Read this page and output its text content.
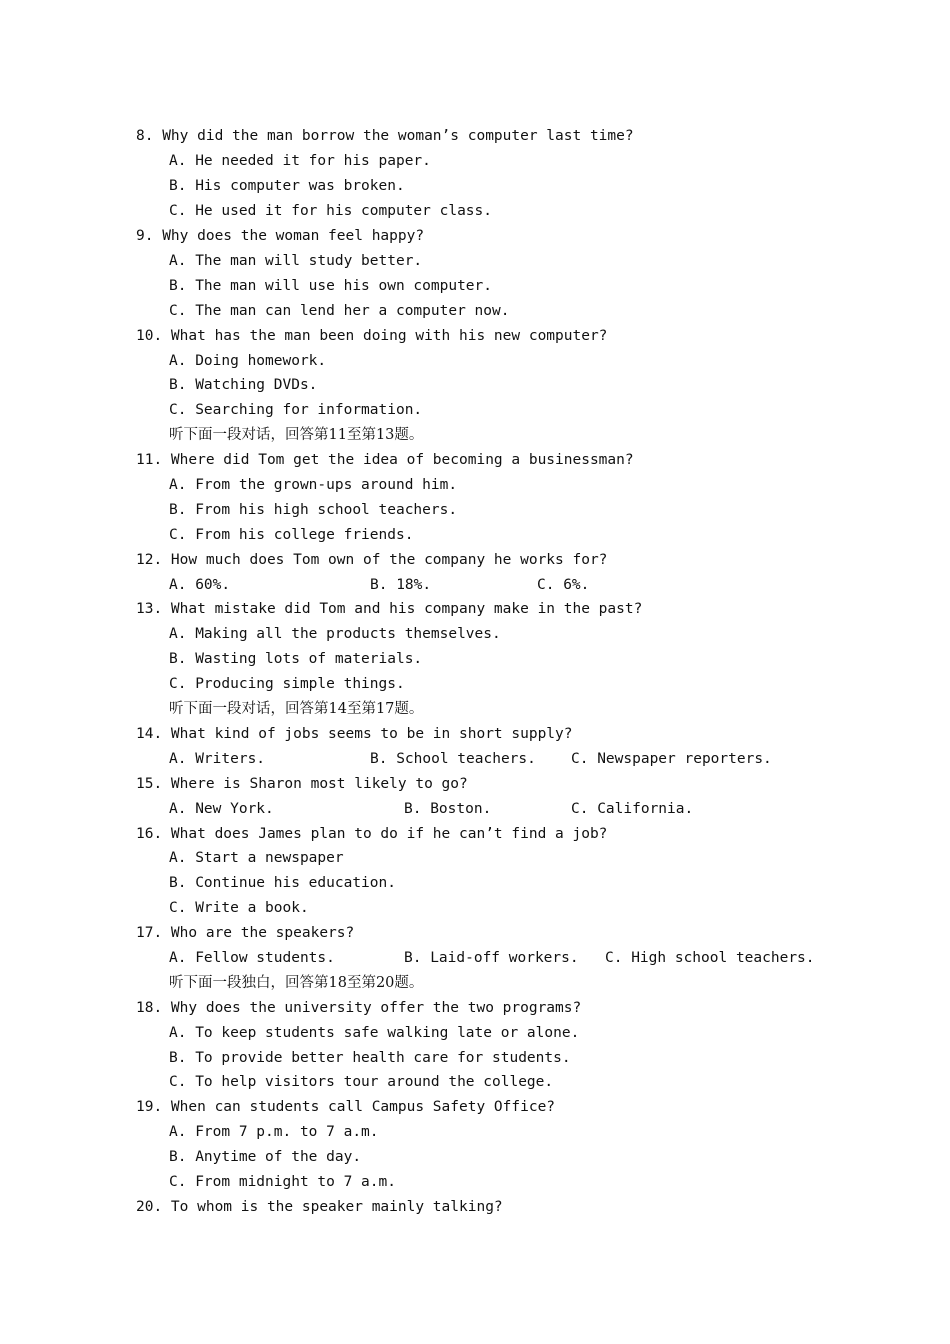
8. Why did the man borrow the woman’s computer last time?
A. He needed it for his paper.
B. His computer was broken.
C. He used it for his computer class.
9. Why does the woman feel happy?
A. The man will study better.
B. The man will use his own computer.
C. The man can lend her a computer now.
10. What has the man been doing with his new computer?
A. Doing homework.
B. Watching DVDs.
C. Searching for information.
听下面一段对话，回答第11至第13题。
11. Where did Tom get the idea of becoming a businessman?
A. From the grown-ups around him.
B. From his high school teachers.
C. From his college friends.
12. How much does Tom own of the company he works for?
A. 60%.	B. 18%.	C. 6%.
13. What mistake did Tom and his company make in the past?
A. Making all the products themselves.
B. Wasting lots of materials.
C. Producing simple things.
听下面一段对话，回答第14至第17题。
14. What kind of jobs seems to be in short supply?
A. Writers.	B. School teachers. C. Newspaper reporters.
15. Where is Sharon most likely to go?
A. New York.	B. Boston.	C. California.
16. What does James plan to do if he can’t find a job?
A. Start a newspaper
B. Continue his education.
C. Write a book.
17. Who are the speakers?
A. Fellow students.	B. Laid-off workers. C. High school teachers.
听下面一段独白，回答第18至第20题。
18. Why does the university offer the two programs?
A. To keep students safe walking late or alone.
B. To provide better health care for students.
C. To help visitors tour around the college.
19. When can students call Campus Safety Office?
A. From 7 p.m. to 7 a.m.
B. Anytime of the day.
C. From midnight to 7 a.m.
20. To whom is the speaker mainly talking?
